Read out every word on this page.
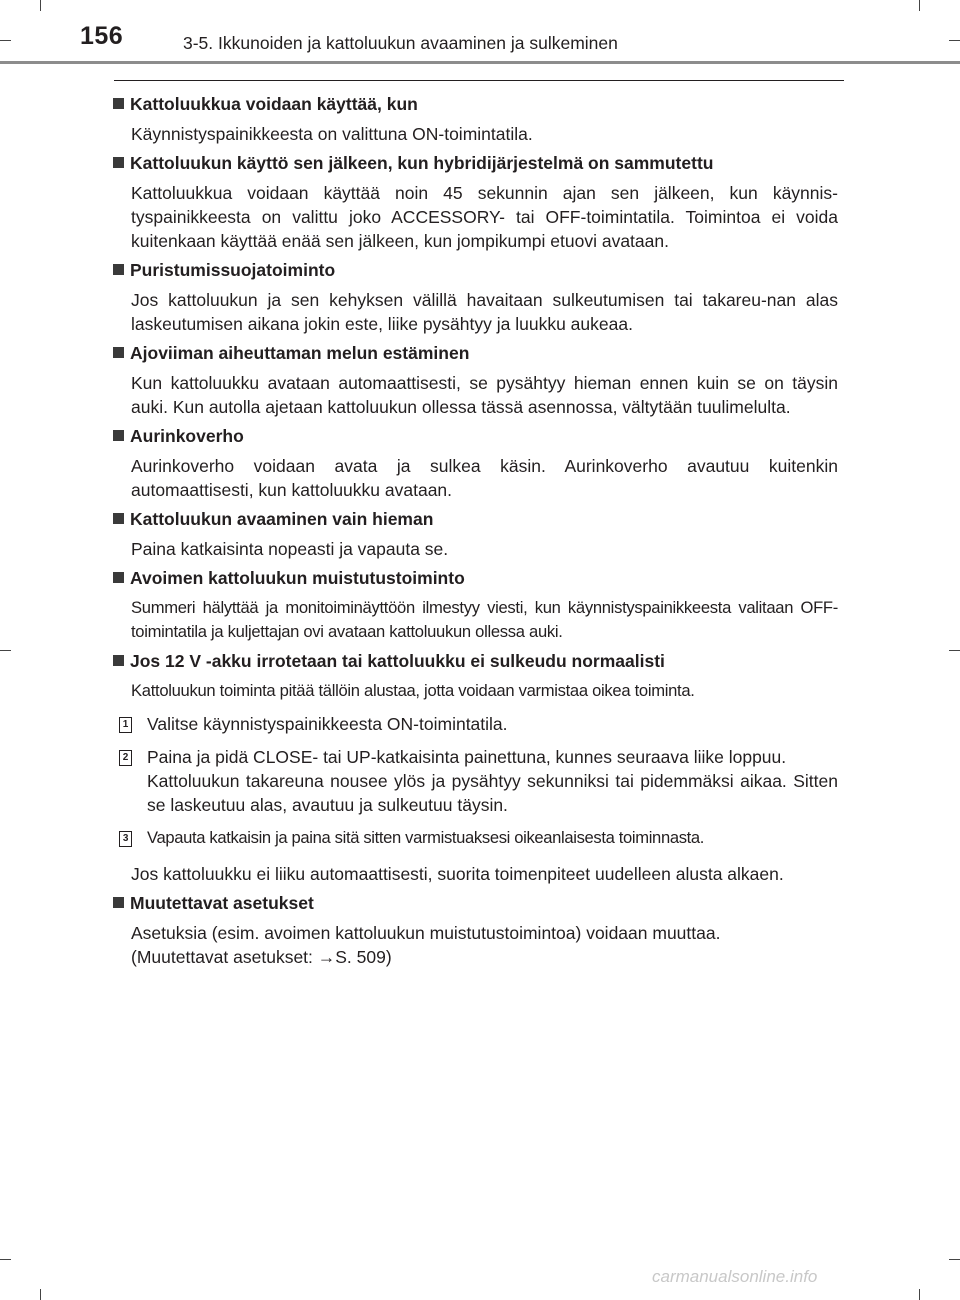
156	3-5. Ikkunoiden ja kattoluukun avaaminen ja sulkeminen

Kattoluukkua voidaan käyttää, kun

Käynnistyspainikkeesta on valittuna ON-toimintatila.

Kattoluukun käyttö sen jälkeen, kun hybridijärjestelmä on sammutettu

Kattoluukkua voidaan käyttää noin 45 sekunnin ajan sen jälkeen, kun käynnis-tyspainikkeesta on valittu joko ACCESSORY- tai OFF-toimintatila. Toimintoa ei voida kuitenkaan käyttää enää sen jälkeen, kun jompikumpi etuovi avataan.

Puristumissuojatoiminto

Jos kattoluukun ja sen kehyksen välillä havaitaan sulkeutumisen tai takareu-nan alas laskeutumisen aikana jokin este, liike pysähtyy ja luukku aukeaa.

Ajoviiman aiheuttaman melun estäminen

Kun kattoluukku avataan automaattisesti, se pysähtyy hieman ennen kuin se on täysin auki. Kun autolla ajetaan kattoluukun ollessa tässä asennossa, vältytään tuulimelulta.

Aurinkoverho

Aurinkoverho voidaan avata ja sulkea käsin. Aurinkoverho avautuu kuitenkin automaattisesti, kun kattoluukku avataan.

Kattoluukun avaaminen vain hieman

Paina katkaisinta nopeasti ja vapauta se.

Avoimen kattoluukun muistutustoiminto

Summeri hälyttää ja monitoiminäyttöön ilmestyy viesti, kun käynnistyspainikkeesta valitaan OFF-toimintatila ja kuljettajan ovi avataan kattoluukun ollessa auki.

Jos 12 V -akku irrotetaan tai kattoluukku ei sulkeudu normaalisti

Kattoluukun toiminta pitää tällöin alustaa, jotta voidaan varmistaa oikea toiminta.

1 Valitse käynnistyspainikkeesta ON-toimintatila.
2 Paina ja pidä CLOSE- tai UP-katkaisinta painettuna, kunnes seuraava liike loppuu.
Kattoluukun takareuna nousee ylös ja pysähtyy sekunniksi tai pidemmäksi aikaa. Sitten se laskeutuu alas, avautuu ja sulkeutuu täysin.
3 Vapauta katkaisin ja paina sitä sitten varmistuaksesi oikeanlaisesta toiminnasta.

Jos kattoluukku ei liiku automaattisesti, suorita toimenpiteet uudelleen alusta alkaen.

Muutettavat asetukset

Asetuksia (esim. avoimen kattoluukun muistutustoimintoa) voidaan muuttaa.

(Muutettavat asetukset: →S. 509)

carmanualsonline.info
